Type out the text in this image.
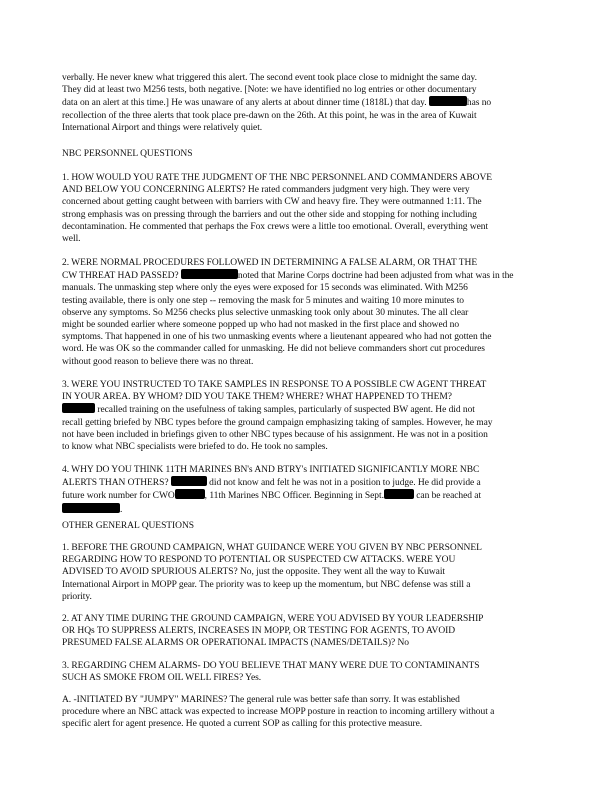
verbally. He never knew what triggered this alert. The second event took place close to midnight the same day.
They did at least two M256 tests, both negative. [Note: we have identified no log entries or other documentary
data on an alert at this time.] He was unaware of any alerts at about dinner time (1818L) that day.	has no
recollection of the three alerts that took place pre-dawn on the 26th. At this point, he was in the area of Kuwait
International Airport and things were relatively quiet.
NBC PERSONNEL QUESTIONS
1. HOW WOULD YOU RATE THE JUDGMENT OF THE NBC PERSONNEL AND COMMANDERS ABOVE
AND BELOW YOU CONCERNING ALERTS? He rated commanders judgment very high. They were very
concerned about getting caught between with barriers with CW and heavy fire. They were outmanned 1:11. The
strong emphasis was on pressing through the barriers and out the other side and stopping for nothing including
decontamination. He commented that perhaps the Fox crews were a little too emotional. Overall, everything went
well.
2. WERE NORMAL PROCEDURES FOLLOWED IN DETERMINING A FALSE ALARM, OR THAT THE
CW THREAT HAD PASSED?	noted that Marine Corps doctrine had been adjusted from what was in the
manuals. The unmasking step where only the eyes were exposed for 15 seconds was eliminated. With M256
testing available, there is only one step -- removing the mask for 5 minutes and waiting 10 more minutes to
observe any symptoms. So M256 checks plus selective unmasking took only about 30 minutes. The all clear
might be sounded earlier where someone popped up who had not masked in the first place and showed no
symptoms. That happened in one of his two unmasking events where a lieutenant appeared who had not gotten the
word. He was OK so the commander called for unmasking. He did not believe commanders short cut procedures
without good reason to believe there was no threat.
3. WERE YOU INSTRUCTED TO TAKE SAMPLES IN RESPONSE TO A POSSIBLE CW AGENT THREAT
IN YOUR AREA. BY WHOM? DID YOU TAKE THEM? WHERE? WHAT HAPPENED TO THEM?
recalled training on the usefulness of taking samples, particularly of suspected BW agent. He did not
recall getting briefed by NBC types before the ground campaign emphasizing taking of samples. However, he may
not have been included in briefings given to other NBC types because of his assignment. He was not in a position
to know what NBC specialists were briefed to do. He took no samples.
4. WHY DO YOU THINK 11TH MARINES BN's AND BTRY's INITIATED SIGNIFICANTLY MORE NBC
ALERTS THAN OTHERS?	did not know and felt he was not in a position to judge. He did provide a
future work number for CWO	, 11th Marines NBC Officer. Beginning in Sept.	can be reached at
.
OTHER GENERAL QUESTIONS
1. BEFORE THE GROUND CAMPAIGN, WHAT GUIDANCE WERE YOU GIVEN BY NBC PERSONNEL
REGARDING HOW TO RESPOND TO POTENTIAL OR SUSPECTED CW ATTACKS. WERE YOU
ADVISED TO AVOID SPURIOUS ALERTS? No, just the opposite. They went all the way to Kuwait
International Airport in MOPP gear. The priority was to keep up the momentum, but NBC defense was still a
priority.
2. AT ANY TIME DURING THE GROUND CAMPAIGN, WERE YOU ADVISED BY YOUR LEADERSHIP
OR HQs TO SUPPRESS ALERTS, INCREASES IN MOPP, OR TESTING FOR AGENTS, TO AVOID
PRESUMED FALSE ALARMS OR OPERATIONAL IMPACTS (NAMES/DETAILS)? No
3. REGARDING CHEM ALARMS- DO YOU BELIEVE THAT MANY WERE DUE TO CONTAMINANTS
SUCH AS SMOKE FROM OIL WELL FIRES? Yes.
A. -INITIATED BY "JUMPY" MARINES? The general rule was better safe than sorry. It was established
procedure where an NBC attack was expected to increase MOPP posture in reaction to incoming artillery without a
specific alert for agent presence. He quoted a current SOP as calling for this protective measure.
